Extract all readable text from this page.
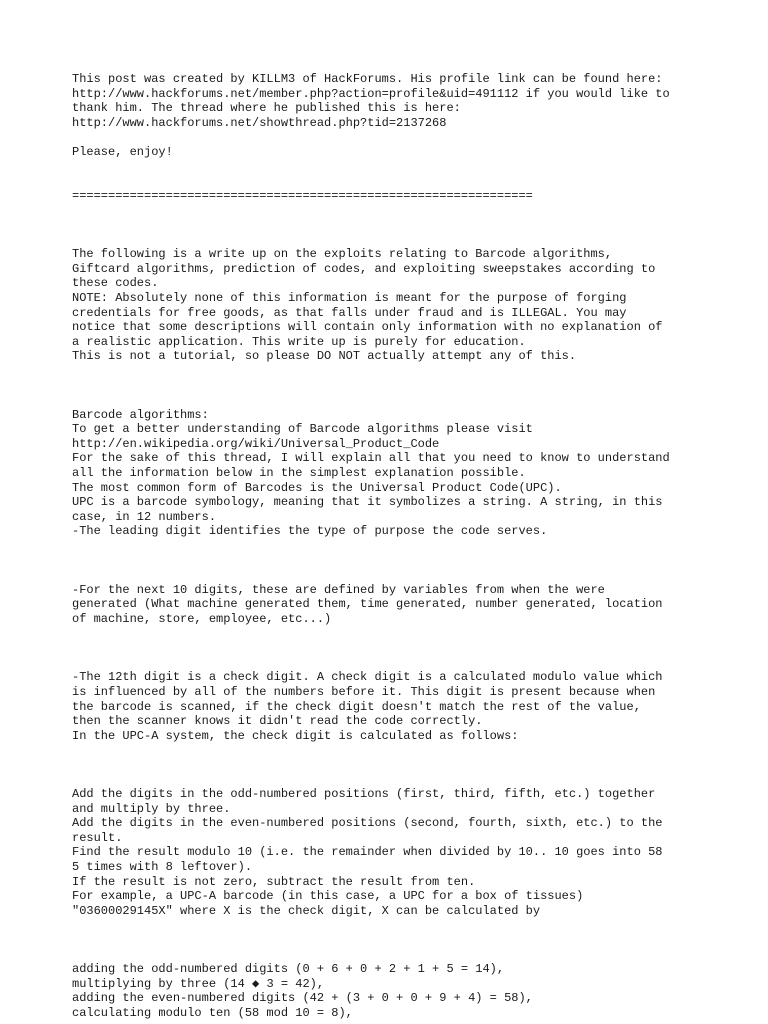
This post was created by KILLM3 of HackForums. His profile link can be found here:
http://www.hackforums.net/member.php?action=profile&uid=491112 if you would like to
thank him. The thread where he published this is here:
http://www.hackforums.net/showthread.php?tid=2137268
Please, enjoy!
================================================================
The following is a write up on the exploits relating to Barcode algorithms,
Giftcard algorithms, prediction of codes, and exploiting sweepstakes according to
these codes.
NOTE: Absolutely none of this information is meant for the purpose of forging
credentials for free goods, as that falls under fraud and is ILLEGAL. You may
notice that some descriptions will contain only information with no explanation of
a realistic application. This write up is purely for education.
This is not a tutorial, so please DO NOT actually attempt any of this.
Barcode algorithms:
To get a better understanding of Barcode algorithms please visit
http://en.wikipedia.org/wiki/Universal_Product_Code
For the sake of this thread, I will explain all that you need to know to understand
all the information below in the simplest explanation possible.
The most common form of Barcodes is the Universal Product Code(UPC).
UPC is a barcode symbology, meaning that it symbolizes a string. A string, in this
case, in 12 numbers.
-The leading digit identifies the type of purpose the code serves.
-For the next 10 digits, these are defined by variables from when the were
generated (What machine generated them, time generated, number generated, location
of machine, store, employee, etc...)
-The 12th digit is a check digit. A check digit is a calculated modulo value which
is influenced by all of the numbers before it. This digit is present because when
the barcode is scanned, if the check digit doesn't match the rest of the value,
then the scanner knows it didn't read the code correctly.
In the UPC-A system, the check digit is calculated as follows:
Add the digits in the odd-numbered positions (first, third, fifth, etc.) together
and multiply by three.
Add the digits in the even-numbered positions (second, fourth, sixth, etc.) to the
result.
Find the result modulo 10 (i.e. the remainder when divided by 10.. 10 goes into 58
5 times with 8 leftover).
If the result is not zero, subtract the result from ten.
For example, a UPC-A barcode (in this case, a UPC for a box of tissues)
"03600029145X" where X is the check digit, X can be calculated by
adding the odd-numbered digits (0 + 6 + 0 + 2 + 1 + 5 = 14),
multiplying by three (14 ◆ 3 = 42),
adding the even-numbered digits (42 + (3 + 0 + 0 + 9 + 4) = 58),
calculating modulo ten (58 mod 10 = 8),
